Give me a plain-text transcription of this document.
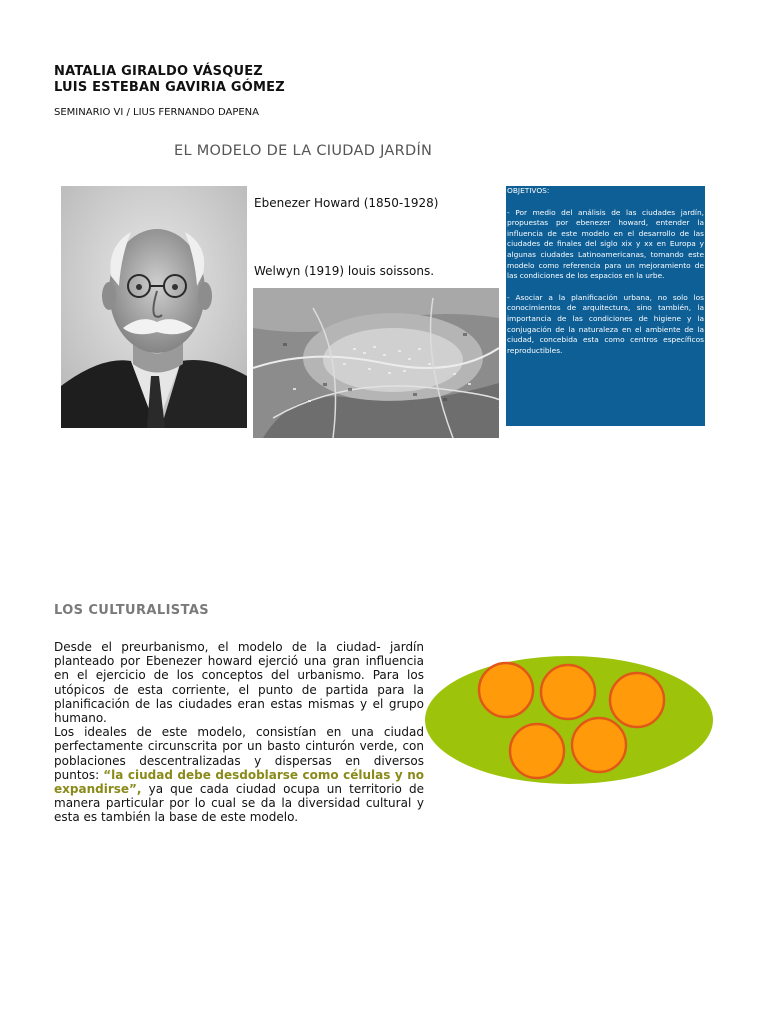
NATALIA GIRALDO VÁSQUEZ
LUIS ESTEBAN GAVIRIA GÓMEZ
SEMINARIO VI / LIUS FERNANDO DAPENA
EL MODELO DE LA CIUDAD JARDÍN
Ebenezer Howard (1850-1928)
Welwyn (1919) louis soissons.
OBJETIVOS:

- Por medio del análisis de las ciudades jardín, propuestas por ebenezer howard, entender la influencia de este modelo en el desarrollo de las ciudades de finales del siglo xix y xx en Europa y algunas ciudades Latinoamericanas, tomando este modelo como referencia para un mejoramiento de las condiciones de los espacios en la urbe.

- Asociar a la planificación urbana, no solo los conocimientos de arquitectura, sino también, la importancia de las condiciones de higiene y la conjugación de la naturaleza en el ambiente de la ciudad, concebida esta como centros específicos reproductibles.

LOS CULTURALISTAS

Desde el preurbanismo, el modelo de la ciudad- jardín planteado por Ebenezer howard ejerció una gran influencia en el ejercicio de los conceptos del urbanismo. Para los utópicos de esta corriente, el punto de partida para la planificación de las ciudades eran estas mismas y el grupo humano.

Los ideales de este modelo, consistían en una ciudad perfectamente circunscrita por un basto cinturón verde, con poblaciones descentralizadas y dispersas en diversos puntos: “la ciudad debe desdoblarse como células y no expandirse”, ya que cada ciudad ocupa un territorio de manera particular por lo cual se da la diversidad cultural y esta es también la base de este modelo.
